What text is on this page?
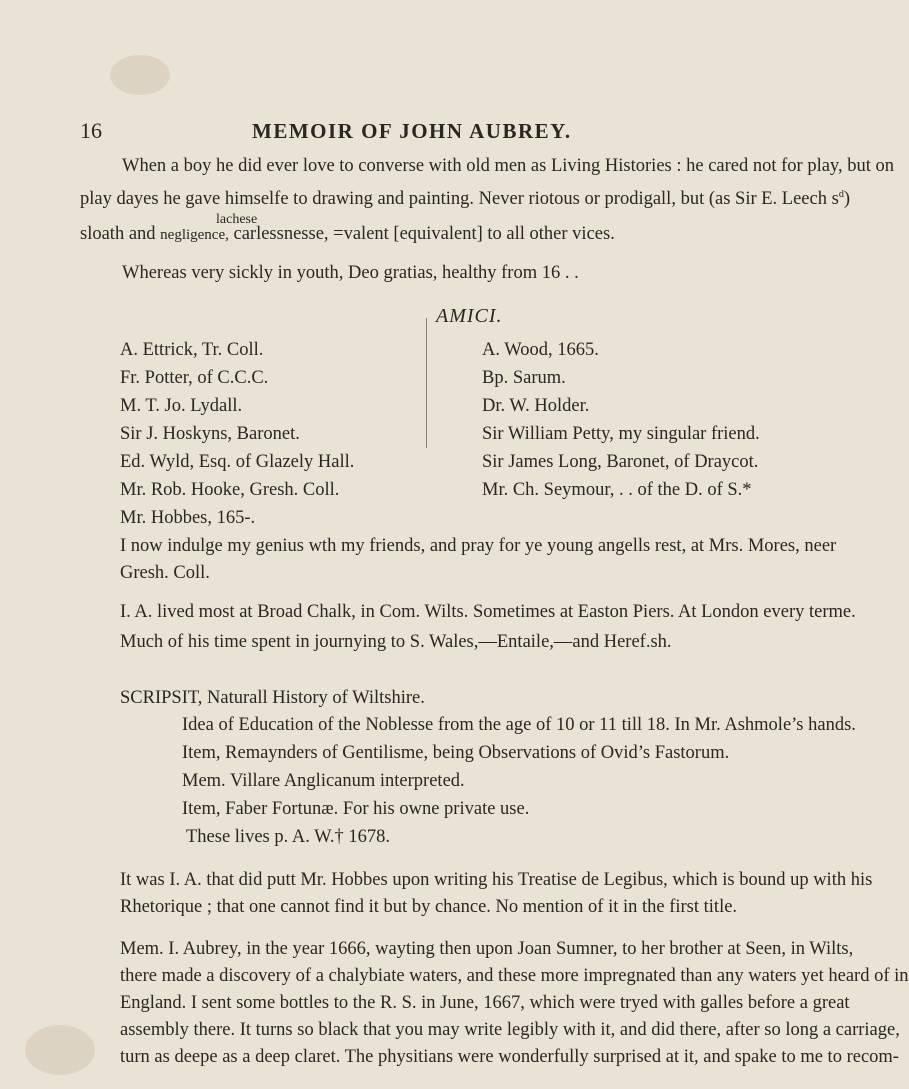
16	MEMOIR OF JOHN AUBREY.
When a boy he did ever love to converse with old men as Living Histories : he cared not for play, but on
play dayes he gave himselfe to drawing and painting. Never riotous or prodigall, but (as Sir E. Leech $s^d$)
lachese
sloath and negligence, carlessnesse, =valent [equivalent] to all other vices.
Whereas very sickly in youth, Deo gratias, healthy from 16 . .
AMICI.
A. Ettrick, Tr. Coll.
Fr. Potter, of C.C.C.
M. T. Jo. Lydall.
Sir J. Hoskyns, Baronet.
Ed. Wyld, Esq. of Glazely Hall.
Mr. Rob. Hooke, Gresh. Coll.
Mr. Hobbes, 165-.
A. Wood, 1665.
Bp. Sarum.
Dr. W. Holder.
Sir William Petty, my singular friend.
Sir James Long, Baronet, of Draycot.
Mr. Ch. Seymour, . . of the D. of S.*
I now indulge my genius wth my friends, and pray for ye young angells rest, at Mrs. Mores, neer
Gresh. Coll.
I. A. lived most at Broad Chalk, in Com. Wilts. Sometimes at Easton Piers. At London every terme.
Much of his time spent in journying to S. Wales,—Entaile,—and Heref.sh.
SCRIPSIT, Naturall History of Wiltshire.
Idea of Education of the Noblesse from the age of 10 or 11 till 18. In Mr. Ashmole’s hands.
Item, Remaynders of Gentilisme, being Observations of Ovid’s Fastorum.
Mem. Villare Anglicanum interpreted.
Item, Faber Fortunæ. For his owne private use.
These lives p. A. W.† 1678.
It was I. A. that did putt Mr. Hobbes upon writing his Treatise de Legibus, which is bound up with his
Rhetorique ; that one cannot find it but by chance. No mention of it in the first title.
Mem. I. Aubrey, in the year 1666, wayting then upon Joan Sumner, to her brother at Seen, in Wilts,
there made a discovery of a chalybiate waters, and these more impregnated than any waters yet heard of in
England. I sent some bottles to the R. S. in June, 1667, which were tryed with galles before a great
assembly there. It turns so black that you may write legibly with it, and did there, after so long a carriage,
turn as deepe as a deep claret. The physitians were wonderfully surprised at it, and spake to me to recom-
